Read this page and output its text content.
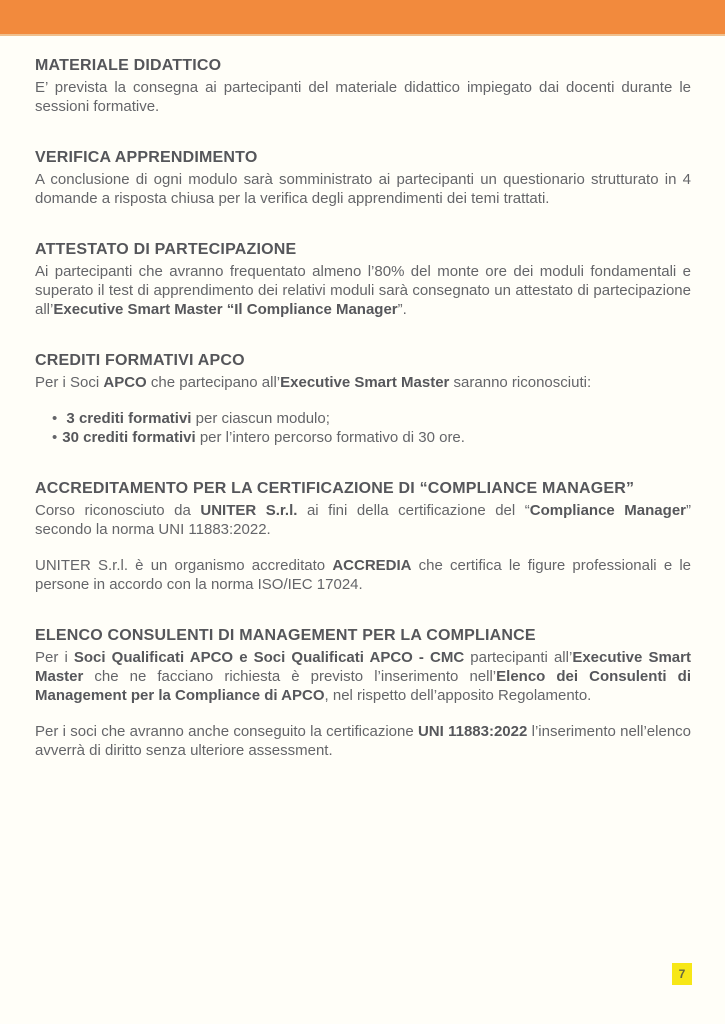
MATERIALE DIDATTICO

E’ prevista la consegna ai partecipanti del materiale didattico impiegato dai docenti durante le sessioni formative.

VERIFICA APPRENDIMENTO

A conclusione di ogni modulo sarà somministrato ai partecipanti un questionario strutturato in 4 domande a risposta chiusa per la verifica degli apprendimenti dei temi trattati.

ATTESTATO DI PARTECIPAZIONE

Ai partecipanti che avranno frequentato almeno l’80% del monte ore dei moduli fondamentali e superato il test di apprendimento dei relativi moduli sarà consegnato un attestato di partecipazione all’Executive Smart Master “Il Compliance Manager”.

CREDITI FORMATIVI APCO

Per i Soci APCO che partecipano all’Executive Smart Master saranno riconosciuti:

• 3 crediti formativi per ciascun modulo;

• 30 crediti formativi per l’intero percorso formativo di 30 ore.

ACCREDITAMENTO PER LA CERTIFICAZIONE DI “COMPLIANCE MANAGER”

Corso riconosciuto da UNITER S.r.l. ai fini della certificazione del “Compliance Manager” secondo la norma UNI 11883:2022.

UNITER S.r.l. è un organismo accreditato ACCREDIA che certifica le figure professionali e le persone in accordo con la norma ISO/IEC 17024.

ELENCO CONSULENTI DI MANAGEMENT PER LA COMPLIANCE

Per i Soci Qualificati APCO e Soci Qualificati APCO - CMC partecipanti all’Executive Smart Master che ne facciano richiesta è previsto l’inserimento nell’Elenco dei Consulenti di Management per la Compliance di APCO, nel rispetto dell’apposito Regolamento.

Per i soci che avranno anche conseguito la certificazione UNI 11883:2022 l’inserimento nell’elenco avverrà di diritto senza ulteriore assessment.

7
